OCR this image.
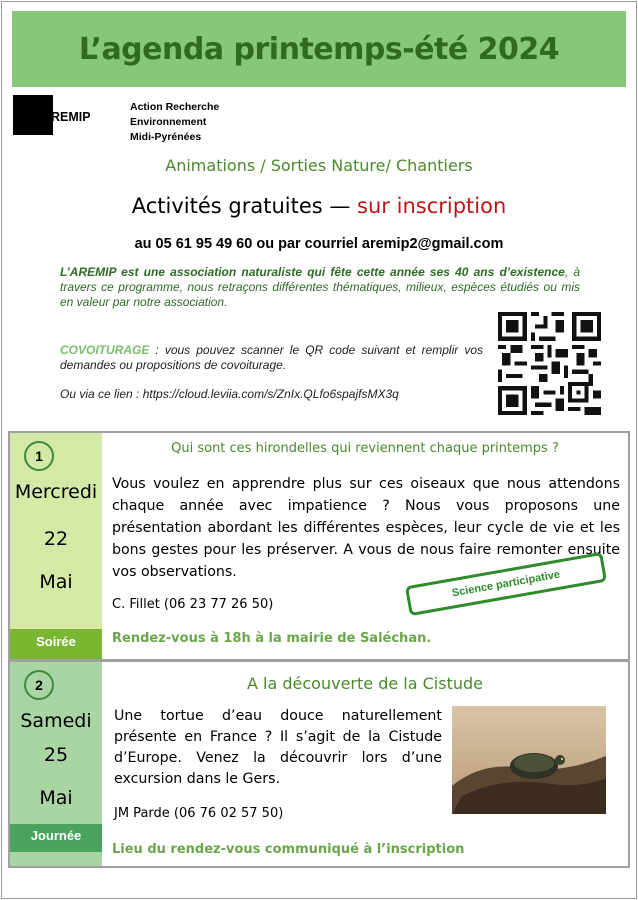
L’agenda printemps-été 2024
AREMIP
Action Recherche
Environnement
Midi-Pyrénées
Animations / Sorties Nature/ Chantiers
Activités gratuites — sur inscription
au 05 61 95 49 60 ou par courriel aremip2@gmail.com
L’AREMIP est une association naturaliste qui fête cette année ses 40 ans d’existence, à travers ce programme, nous retraçons différentes thématiques, milieux, espèces étudiés ou mis en valeur par notre association.
COVOITURAGE : vous pouvez scanner le QR code suivant et remplir vos demandes ou propositions de covoiturage.
Ou via ce lien : https://cloud.leviia.com/s/ZnIx.QLfo6spajfsMX3q
1
Mercredi
22
Mai
Soirée
Qui sont ces hirondelles qui reviennent chaque printemps ?
Vous voulez en apprendre plus sur ces oiseaux que nous attendons chaque année avec impatience ? Nous vous proposons une présentation abordant les différentes espèces, leur cycle de vie et les bons gestes pour les préserver. A vous de nous faire remonter ensuite vos observations.
C. Fillet (06 23 77 26 50)
Science participative
Rendez-vous à 18h à la mairie de Saléchan.
2
Samedi
25
Mai
Journée
A la découverte de la Cistude
Une tortue d’eau douce naturellement présente en France ? Il s’agit de la Cistude d’Europe. Venez la découvrir lors d’une excursion dans le Gers.
JM Parde (06 76 02 57 50)
Lieu du rendez-vous communiqué à l’inscription
